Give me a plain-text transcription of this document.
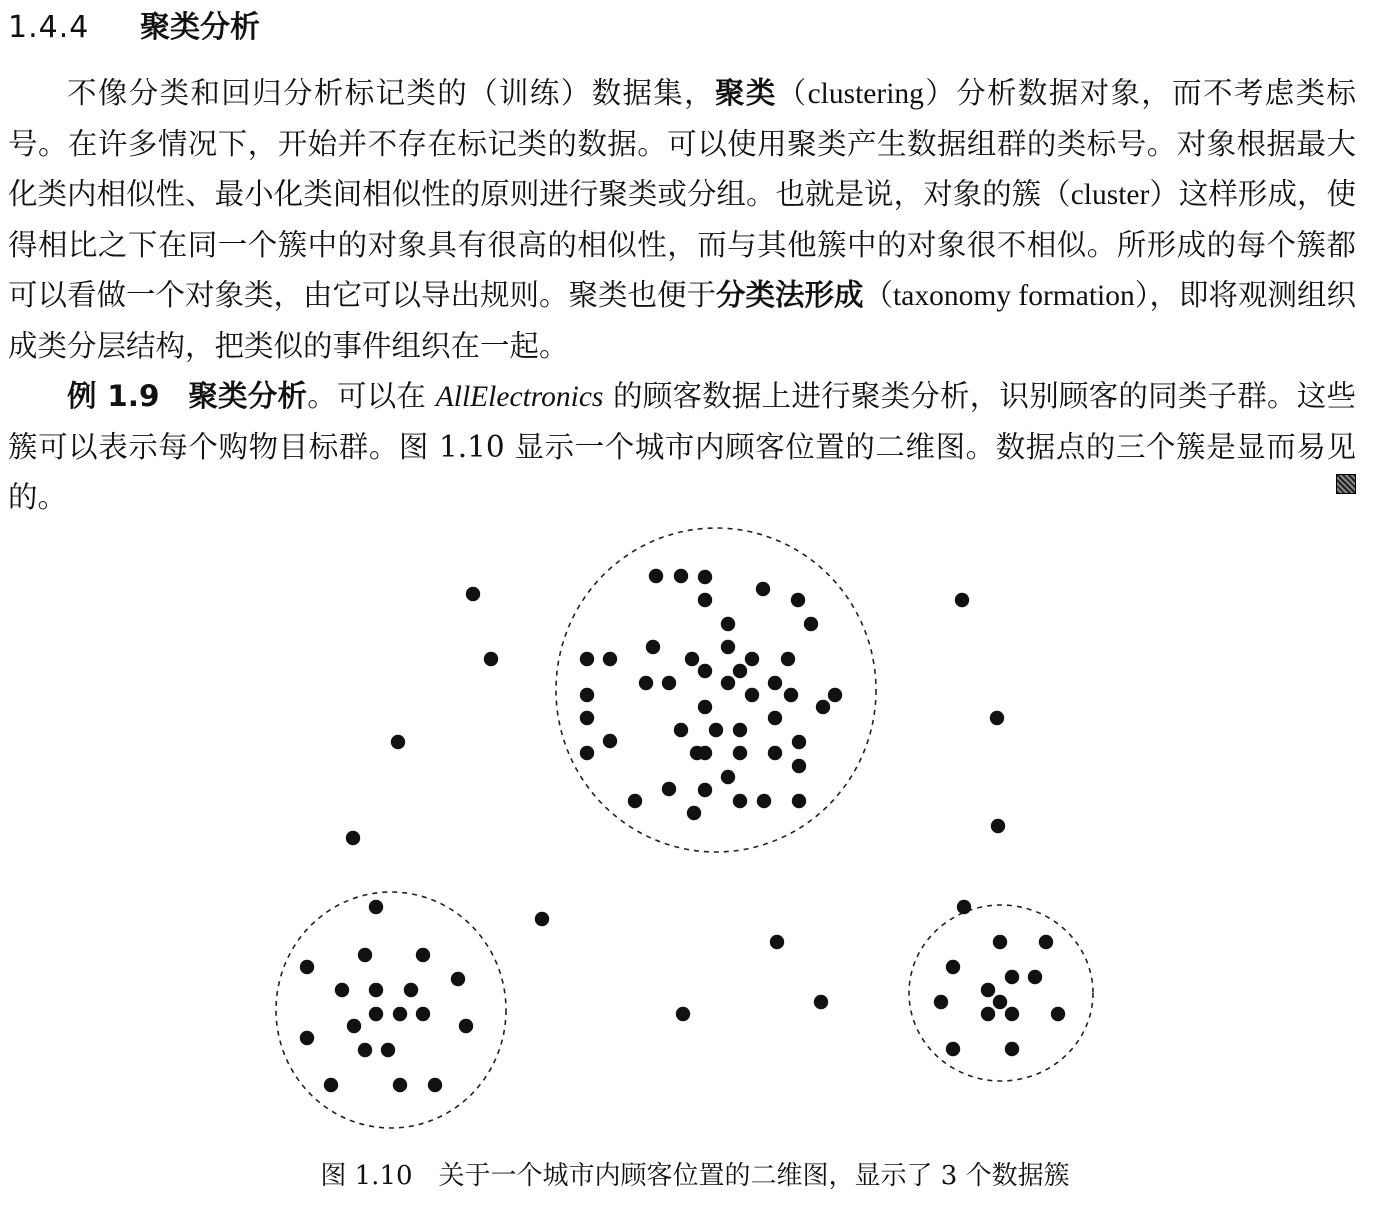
1.4.4 聚类分析

不像分类和回归分析标记类的（训练）数据集，聚类（clustering）分析数据对象，而不考虑类标号。在许多情况下，开始并不存在标记类的数据。可以使用聚类产生数据组群的类标号。对象根据最大化类内相似性、最小化类间相似性的原则进行聚类或分组。也就是说，对象的簇（cluster）这样形成，使得相比之下在同一个簇中的对象具有很高的相似性，而与其他簇中的对象很不相似。所形成的每个簇都可以看做一个对象类，由它可以导出规则。聚类也便于分类法形成（taxonomy formation），即将观测组织成类分层结构，把类似的事件组织在一起。

例 1.9 聚类分析。可以在 AllElectronics 的顾客数据上进行聚类分析，识别顾客的同类子群。这些簇可以表示每个购物目标群。图 1.10 显示一个城市内顾客位置的二维图。数据点的三个簇是显而易见的。

图 1.10 关于一个城市内顾客位置的二维图，显示了 3 个数据簇
